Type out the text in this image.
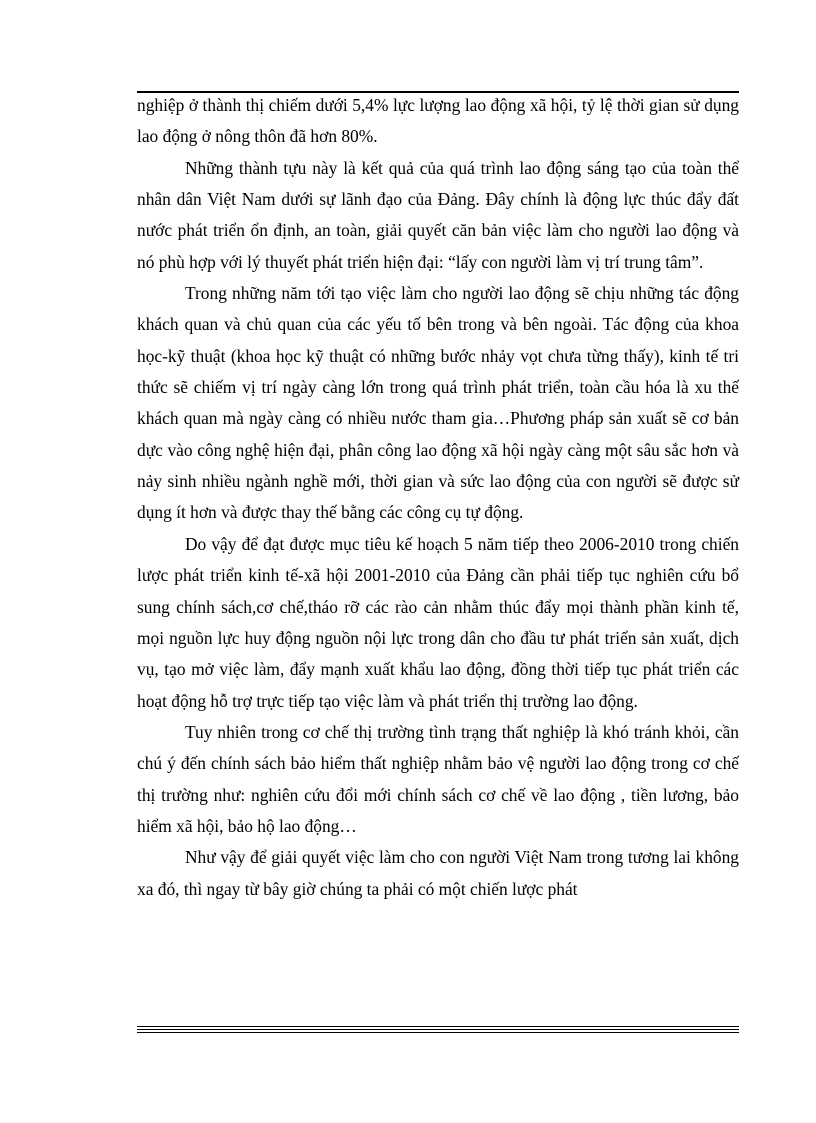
nghiệp ở thành thị chiếm dưới 5,4% lực lượng lao động xã hội, tỷ lệ thời gian sử dụng lao động ở nông thôn đã hơn 80%.

Những thành tựu này là kết quả của quá trình lao động sáng tạo của toàn thể nhân dân Việt Nam dưới sự lãnh đạo của Đảng. Đây chính là động lực thúc đẩy đất nước phát triển ổn định, an toàn, giải quyết căn bản việc làm cho người lao động và nó phù hợp với lý thuyết phát triển hiện đại: “lấy con người làm vị trí trung tâm”.

Trong những năm tới tạo việc làm cho người lao động sẽ chịu những tác động khách quan và chủ quan của các yếu tố bên trong và bên ngoài. Tác động của khoa học-kỹ thuật (khoa học kỹ thuật có những bước nhảy vọt chưa từng thấy), kinh tế tri thức sẽ chiếm vị trí ngày càng lớn trong quá trình phát triển, toàn cầu hóa là xu thế khách quan mà ngày càng có nhiều nước tham gia…Phương pháp sản xuất sẽ cơ bản dực vào công nghệ hiện đại, phân công lao động xã hội ngày càng một sâu sắc hơn và nảy sinh nhiều ngành nghề mới, thời gian và sức lao động của con người sẽ được sử dụng ít hơn và được thay thế bằng các công cụ tự động.

Do vậy để đạt được mục tiêu kế hoạch 5 năm tiếp theo 2006-2010 trong chiến lược phát triển kinh tế-xã hội 2001-2010 của Đảng cần phải tiếp tục nghiên cứu bổ sung chính sách,cơ chế,tháo rỡ các rào cản nhằm thúc đẩy mọi thành phần kinh tế, mọi nguồn lực huy động nguồn nội lực trong dân cho đầu tư phát triển sản xuất, dịch vụ, tạo mở việc làm, đẩy mạnh xuất khẩu lao động, đồng thời tiếp tục phát triển các hoạt động hỗ trợ trực tiếp tạo việc làm và phát triển thị trường lao động.

Tuy nhiên trong cơ chế thị trường tình trạng thất nghiệp là khó tránh khỏi, cần chú ý đến chính sách bảo hiểm thất nghiệp nhằm bảo vệ người lao động trong cơ chế thị trường như: nghiên cứu đổi mới chính sách cơ chế về lao động , tiền lương, bảo hiểm xã hội, bảo hộ lao động…

Như vậy để giải quyết việc làm cho con người Việt Nam trong tương lai không xa đó, thì ngay từ bây giờ chúng ta phải có một chiến lược phát
